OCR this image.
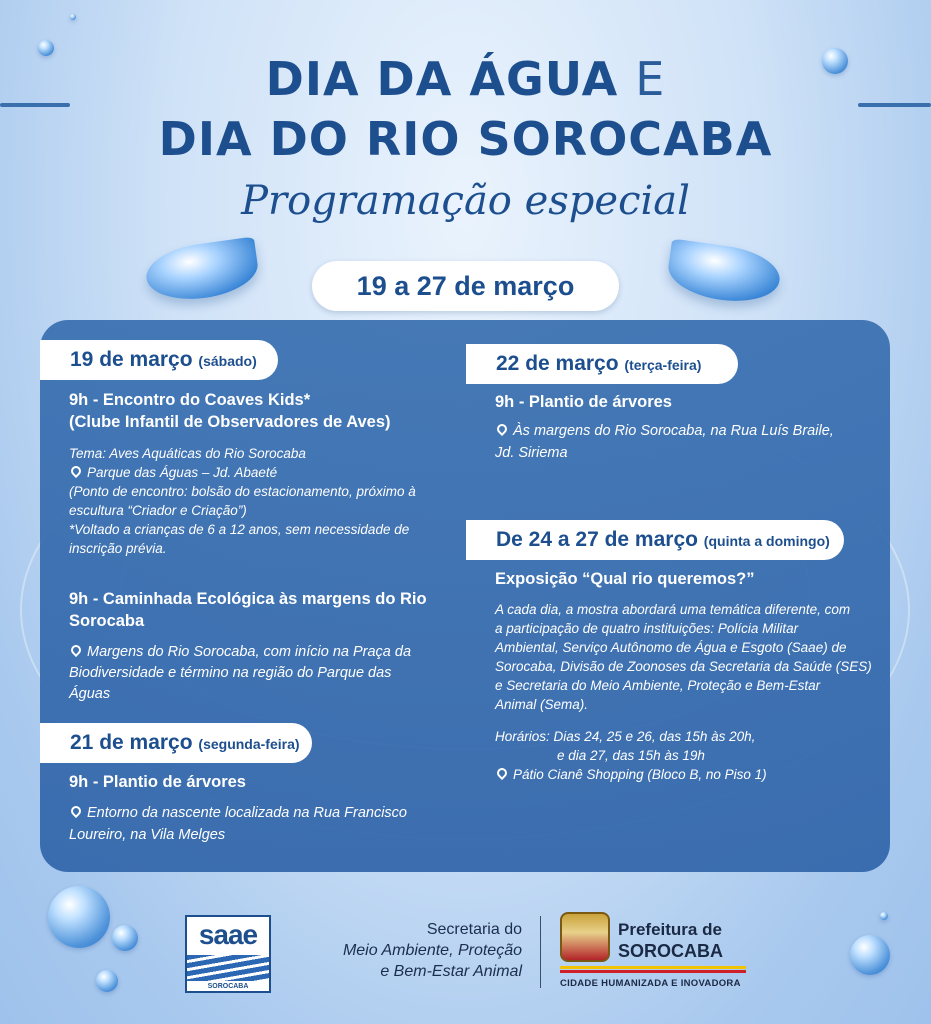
DIA DA ÁGUA E
DIA DO RIO SOROCABA
Programação especial
19 a 27 de março
19 de março (sábado)
9h - Encontro do Coaves Kids*
(Clube Infantil de Observadores de Aves)
Tema: Aves Aquáticas do Rio Sorocaba
Parque das Águas – Jd. Abaeté
(Ponto de encontro: bolsão do estacionamento, próximo à
escultura “Criador e Criação”)
*Voltado a crianças de 6 a 12 anos, sem necessidade de
inscrição prévia.
9h - Caminhada Ecológica às margens do Rio
Sorocaba
Margens do Rio Sorocaba, com início na Praça da
Biodiversidade e término na região do Parque das
Águas
21 de março (segunda-feira)
9h - Plantio de árvores
Entorno da nascente localizada na Rua Francisco
Loureiro, na Vila Melges
22 de março (terça-feira)
9h - Plantio de árvores
Às margens do Rio Sorocaba, na Rua Luís Braile,
Jd. Siriema
De 24 a 27 de março (quinta a domingo)
Exposição “Qual rio queremos?”
A cada dia, a mostra abordará uma temática diferente, com
a participação de quatro instituições: Polícia Militar
Ambiental, Serviço Autônomo de Água e Esgoto (Saae) de
Sorocaba, Divisão de Zoonoses da Secretaria da Saúde (SES)
e Secretaria do Meio Ambiente, Proteção e Bem-Estar
Animal (Sema).
Horários: Dias 24, 25 e 26, das 15h às 20h,
e dia 27, das 15h às 19h
Pátio Cianê Shopping (Bloco B, no Piso 1)
saae
SOROCABA
Secretaria do
Meio Ambiente, Proteção
e Bem-Estar Animal
Prefeitura de
SOROCABA
CIDADE HUMANIZADA E INOVADORA
